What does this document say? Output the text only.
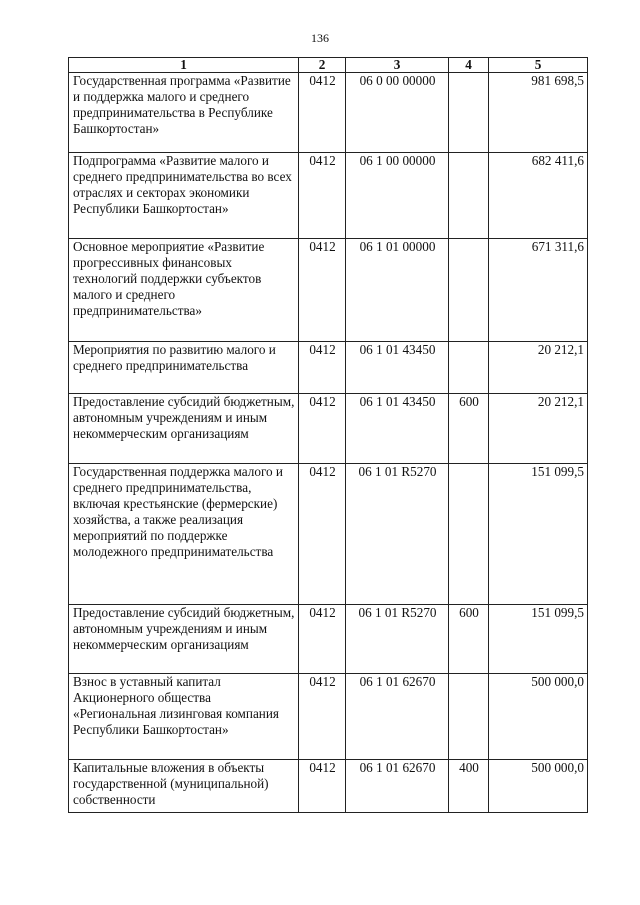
136
1	2	3	4	5
Государственная программа «Развитие и поддержка малого и среднего предпринимательства в Республике Башкортостан»	0412	06 0 00 00000		981 698,5
Подпрограмма «Развитие малого и среднего предпринимательства во всех отраслях и секторах экономики Республики Башкортостан»	0412	06 1 00 00000		682 411,6
Основное мероприятие «Развитие прогрессивных финансовых технологий поддержки субъектов малого и среднего предпринимательства»	0412	06 1 01 00000		671 311,6
Мероприятия по развитию малого и среднего предпринимательства	0412	06 1 01 43450		20 212,1
Предоставление субсидий бюджетным, автономным учреждениям и иным некоммерческим организациям	0412	06 1 01 43450	600	20 212,1
Государственная поддержка малого и среднего предпринимательства, включая крестьянские (фермерские) хозяйства, а также реализация мероприятий по поддержке молодежного предпринимательства	0412	06 1 01 R5270		151 099,5
Предоставление субсидий бюджетным, автономным учреждениям и иным некоммерческим организациям	0412	06 1 01 R5270	600	151 099,5
Взнос в уставный капитал Акционерного общества «Региональная лизинговая компания Республики Башкортостан»	0412	06 1 01 62670		500 000,0
Капитальные вложения в объекты государственной (муниципальной) собственности	0412	06 1 01 62670	400	500 000,0
